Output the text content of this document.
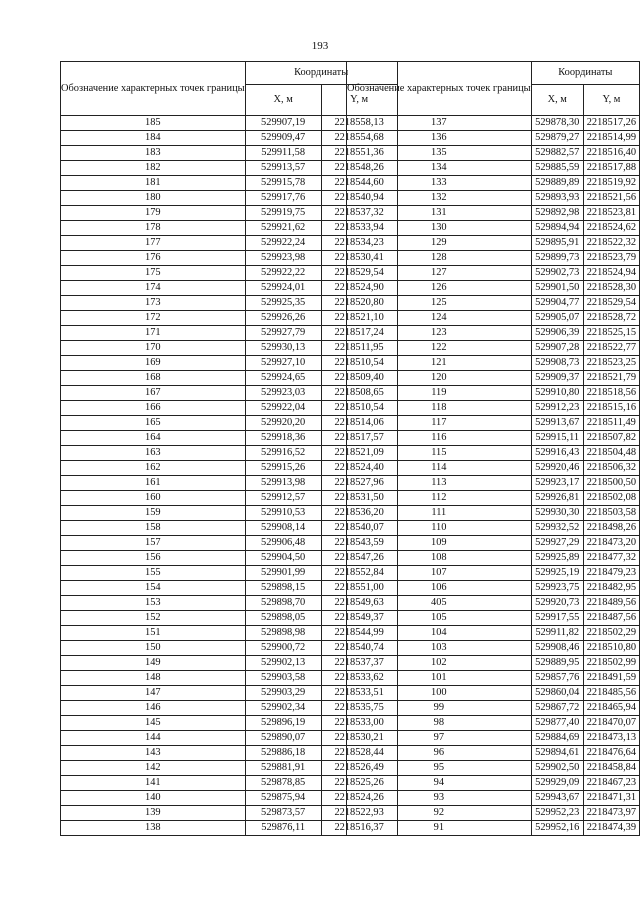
193
Обозначение характерных точек границы	Координаты	
	X, м	Y, м
185	529907,19	2218558,13
184	529909,47	2218554,68
183	529911,58	2218551,36
182	529913,57	2218548,26
181	529915,78	2218544,60
180	529917,76	2218540,94
179	529919,75	2218537,32
178	529921,62	2218533,94
177	529922,24	2218534,23
176	529923,98	2218530,41
175	529922,22	2218529,54
174	529924,01	2218524,90
173	529925,35	2218520,80
172	529926,26	2218521,10
171	529927,79	2218517,24
170	529930,13	2218511,95
169	529927,10	2218510,54
168	529924,65	2218509,40
167	529923,03	2218508,65
166	529922,04	2218510,54
165	529920,20	2218514,06
164	529918,36	2218517,57
163	529916,52	2218521,09
162	529915,26	2218524,40
161	529913,98	2218527,96
160	529912,57	2218531,50
159	529910,53	2218536,20
158	529908,14	2218540,07
157	529906,48	2218543,59
156	529904,50	2218547,26
155	529901,99	2218552,84
154	529898,15	2218551,00
153	529898,70	2218549,63
152	529898,05	2218549,37
151	529898,98	2218544,99
150	529900,72	2218540,74
149	529902,13	2218537,37
148	529903,58	2218533,62
147	529903,29	2218533,51
146	529902,34	2218535,75
145	529896,19	2218533,00
144	529890,07	2218530,21
143	529886,18	2218528,44
142	529881,91	2218526,49
141	529878,85	2218525,26
140	529875,94	2218524,26
139	529873,57	2218522,93
138	529876,11	2218516,37
Обозначение характерных точек границы	Координаты	
	X, м	Y, м
137	529878,30	2218517,26
136	529879,27	2218514,99
135	529882,57	2218516,40
134	529885,59	2218517,88
133	529889,89	2218519,92
132	529893,93	2218521,56
131	529892,98	2218523,81
130	529894,94	2218524,62
129	529895,91	2218522,32
128	529899,73	2218523,79
127	529902,73	2218524,94
126	529901,50	2218528,30
125	529904,77	2218529,54
124	529905,07	2218528,72
123	529906,39	2218525,15
122	529907,28	2218522,77
121	529908,73	2218523,25
120	529909,37	2218521,79
119	529910,80	2218518,56
118	529912,23	2218515,16
117	529913,67	2218511,49
116	529915,11	2218507,82
115	529916,43	2218504,48
114	529920,46	2218506,32
113	529923,17	2218500,50
112	529926,81	2218502,08
111	529930,30	2218503,58
110	529932,52	2218498,26
109	529927,29	2218473,20
108	529925,89	2218477,32
107	529925,19	2218479,23
106	529923,75	2218482,95
405	529920,73	2218489,56
105	529917,55	2218487,56
104	529911,82	2218502,29
103	529908,46	2218510,80
102	529889,95	2218502,99
101	529857,76	2218491,59
100	529860,04	2218485,56
99	529867,72	2218465,94
98	529877,40	2218470,07
97	529884,69	2218473,13
96	529894,61	2218476,64
95	529902,50	2218458,84
94	529929,09	2218467,23
93	529943,67	2218471,31
92	529952,23	2218473,97
91	529952,16	2218474,39
